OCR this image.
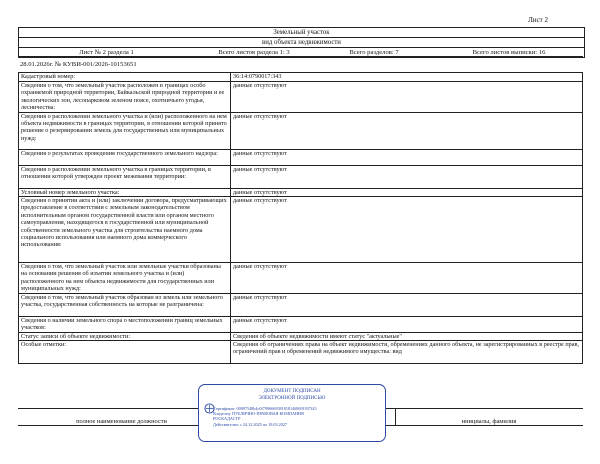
Лист 2
Земельный участок
вид объекта недвижимости
Лист № 2 раздела 1	Всего листов раздела 1: 3	Всего разделов: 7	Всего листов выписки: 16
28.01.2026г. № КУВИ-001/2026-10153651
Кадастровый номер:	36:14:0790017:343
Сведения о том, что земельный участок расположен в границах особо охраняемой природной территории, Байкальской природной территории и ее экологических зон, лесопарковом зеленом поясе, охотничьего угодья, лесничества:	данные отсутствуют
Сведения о расположении земельного участка и (или) расположенного на нем объекта недвижимости в границах территории, в отношении которой принято решение о резервировании земель для государственных или муниципальных нужд:	данные отсутствуют
Сведения о результатах проведения государственного земельного надзора:	данные отсутствуют
Сведения о расположении земельного участка в границах территории, в отношении которой утвержден проект межевания территории:	данные отсутствуют
Условный номер земельного участка:	данные отсутствуют
Сведения о принятии акта и (или) заключении договора, предусматривающих предоставление в соответствии с земельным законодательством исполнительным органом государственной власти или органом местного самоуправления, находящегося в государственной или муниципальной собственности земельного участка для строительства наемного дома социального использования или наемного дома коммерческого использования:	данные отсутствуют
Сведения о том, что земельный участок или земельные участки образованы на основании решения об изъятии земельного участка и (или) расположенного на нем объекта недвижимости для государственных или муниципальных нужд:	данные отсутствуют
Сведения о том, что земельный участок образован из земель или земельного участка, государственная собственность на которые не разграничена:	данные отсутствуют
Сведения о наличии земельного спора о местоположении границ земельных участков:	данные отсутствуют
Статус записи об объекте недвижимости:	Сведения об объекте недвижимости имеют статус "актуальные"
Особые отметки:	Сведения об ограничениях права на объект недвижимости, обременениях данного объекта, не зарегистрированных в реестре прав, ограничений прав и обременений недвижимого имущества: вид
полное наименование должности	инициалы, фамилия
ДОКУМЕНТ ПОДПИСАН
ЭЛЕКТРОННОЙ ПОДПИСЬЮ
Сертификат: 00997548b4c0f79966695818181469691937f43
Владелец: ПУБЛИЧНО-ПРАВОВАЯ КОМПАНИЯ
РОСКАДАСТР
Действителен: с 24.12.2025 по 19.03.2027
